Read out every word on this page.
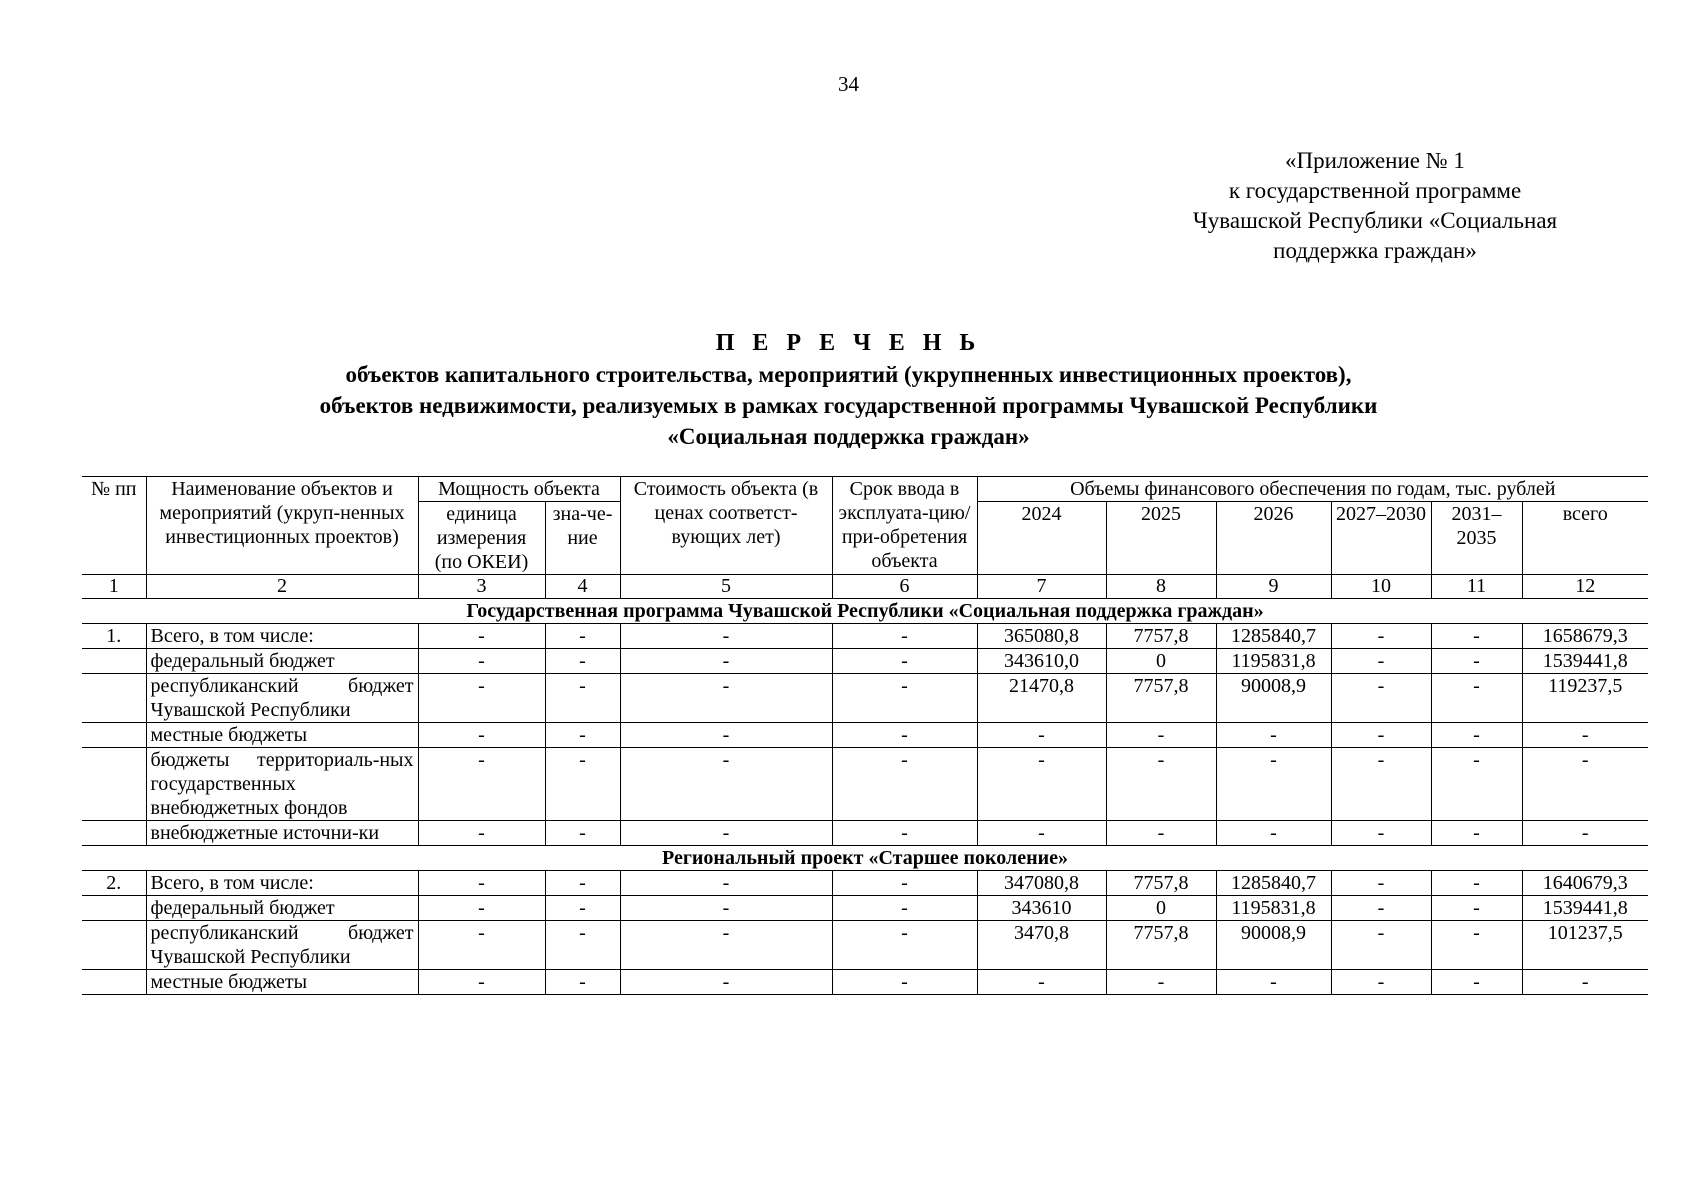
34
«Приложение № 1
к государственной программе
Чувашской Республики «Социальная
поддержка граждан»
П Е Р Е Ч Е Н Ь
объектов капитального строительства, мероприятий (укрупненных инвестиционных проектов),
объектов недвижимости, реализуемых в рамках государственной программы Чувашской Республики
«Социальная поддержка граждан»
№ пп	Наименование объектов и мероприятий (укруп-ненных инвестиционных проектов)	Мощность объекта		Стоимость объекта (в ценах соответст-вующих лет)	Срок ввода в эксплуата-цию/при-обретения объекта	Объемы финансового обеспечения по годам, тыс. рублей					
						2024	2025	2026	2027–2030	2031–2035	всего
		единица измерения (по ОКЕИ)	зна-че-ние								
1	2	3	4	5	6	7	8	9	10	11	12
Государственная программа Чувашской Республики «Социальная поддержка граждан»											
1.	Всего, в том числе:	-	-	-	-	365080,8	7757,8	1285840,7	-	-	1658679,3
	федеральный бюджет	-	-	-	-	343610,0	0	1195831,8	-	-	1539441,8
	республиканский бюджет Чувашской Республики	-	-	-	-	21470,8	7757,8	90008,9	-	-	119237,5
	местные бюджеты	-	-	-	-	-	-	-	-	-	-
	бюджеты территориаль-ных государственных внебюджетных фондов	-	-	-	-	-	-	-	-	-	-
	внебюджетные источни-ки	-	-	-	-	-	-	-	-	-	-
Региональный проект «Старшее поколение»											
2.	Всего, в том числе:	-	-	-	-	347080,8	7757,8	1285840,7	-	-	1640679,3
	федеральный бюджет	-	-	-	-	343610	0	1195831,8	-	-	1539441,8
	республиканский бюджет Чувашской Республики	-	-	-	-	3470,8	7757,8	90008,9	-	-	101237,5
	местные бюджеты	-	-	-	-	-	-	-	-	-	-
